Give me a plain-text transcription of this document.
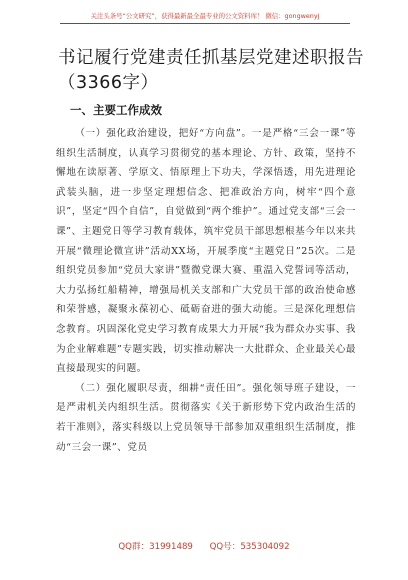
关注头条号“公文研究”，获得最新最全最专业的公文资料库！ 微信：gongwenyj
书记履行党建责任抓基层党建述职报告（3366字）
一、主要工作成效

（一）强化政治建设，把好“方向盘”。一是严格“三会一课”等组织生活制度，认真学习贯彻党的基本理论、方针、政策，坚持不懈地在读原著、学原文、悟原理上下功夫，学深悟透，用先进理论武装头脑，进一步坚定理想信念、把准政治方向，树牢“四个意识”，坚定“四个自信”，自觉做到“两个维护”。通过党支部“三会一课”、主题党日等学习教育载体，筑牢党员干部思想根基今年以来共开展“微理论微宣讲”活动XX场，开展季度“主题党日”25次。二是组织党员参加“党员大家讲”暨微党课大赛、重温入党誓词等活动，大力弘扬红船精神，增强局机关支部和广大党员干部的政治使命感和荣誉感，凝聚永葆初心、砥砺奋进的强大动能。三是深化理想信念教育。巩固深化党史学习教育成果大力开展“我为群众办实事、我为企业解难题”专题实践，切实推动解决一大批群众、企业最关心最直接最现实的问题。

（二）强化履职尽责，细耕“责任田”。强化领导班子建设，一是严肃机关内组织生活。贯彻落实《关于新形势下党内政治生活的若干准则》，落实科级以上党员领导干部参加双重组织生活制度，推动“三会一课”、党员

QQ群：31991489 QQ号：535304092
